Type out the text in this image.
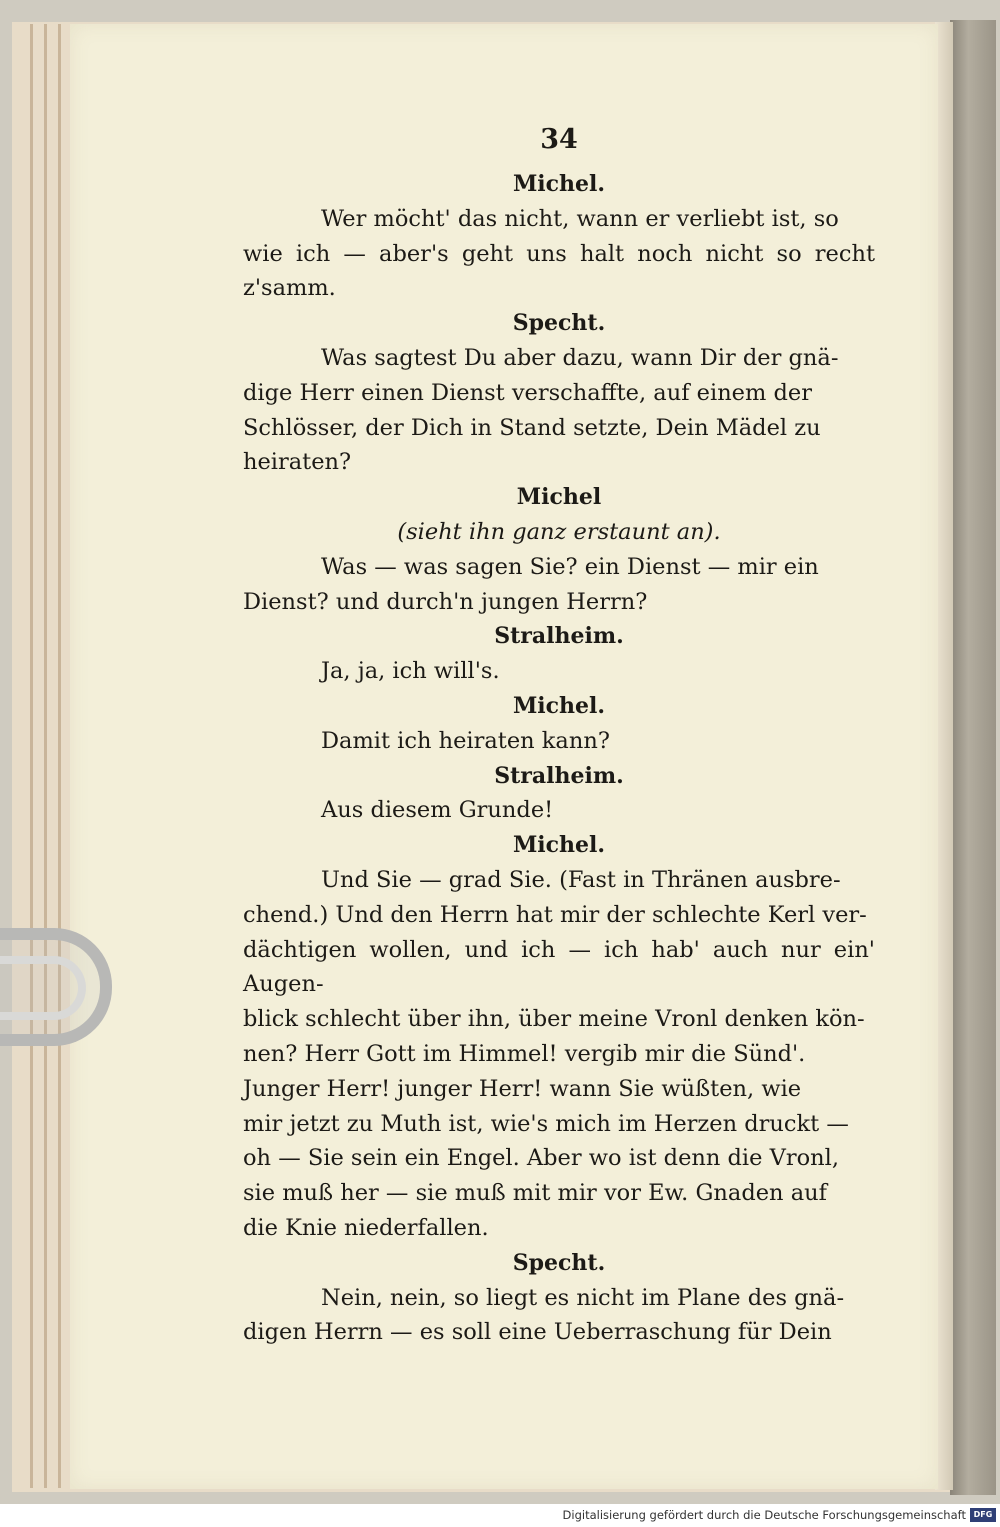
34
Michel.
Wer möcht' das nicht, wann er verliebt ist, so
wie ich — aber's geht uns halt noch nicht so recht z'samm.
Specht.
Was sagtest Du aber dazu, wann Dir der gnä-
dige Herr einen Dienst verschaffte, auf einem der
Schlösser, der Dich in Stand setzte, Dein Mädel zu
heiraten?
Michel
(sieht ihn ganz erstaunt an).
Was — was sagen Sie? ein Dienst — mir ein
Dienst? und durch'n jungen Herrn?
Stralheim.
Ja, ja, ich will's.
Michel.
Damit ich heiraten kann?
Stralheim.
Aus diesem Grunde!
Michel.
Und Sie — grad Sie. (Fast in Thränen ausbre-
chend.) Und den Herrn hat mir der schlechte Kerl ver-
dächtigen wollen, und ich — ich hab' auch nur ein' Augen-
blick schlecht über ihn, über meine Vronl denken kön-
nen? Herr Gott im Himmel! vergib mir die Sünd'.
Junger Herr! junger Herr! wann Sie wüßten, wie
mir jetzt zu Muth ist, wie's mich im Herzen druckt —
oh — Sie sein ein Engel. Aber wo ist denn die Vronl,
sie muß her — sie muß mit mir vor Ew. Gnaden auf
die Knie niederfallen.
Specht.
Nein, nein, so liegt es nicht im Plane des gnä-
digen Herrn — es soll eine Ueberraschung für Dein
Digitalisierung gefördert durch die Deutsche Forschungsgemeinschaft DFG
